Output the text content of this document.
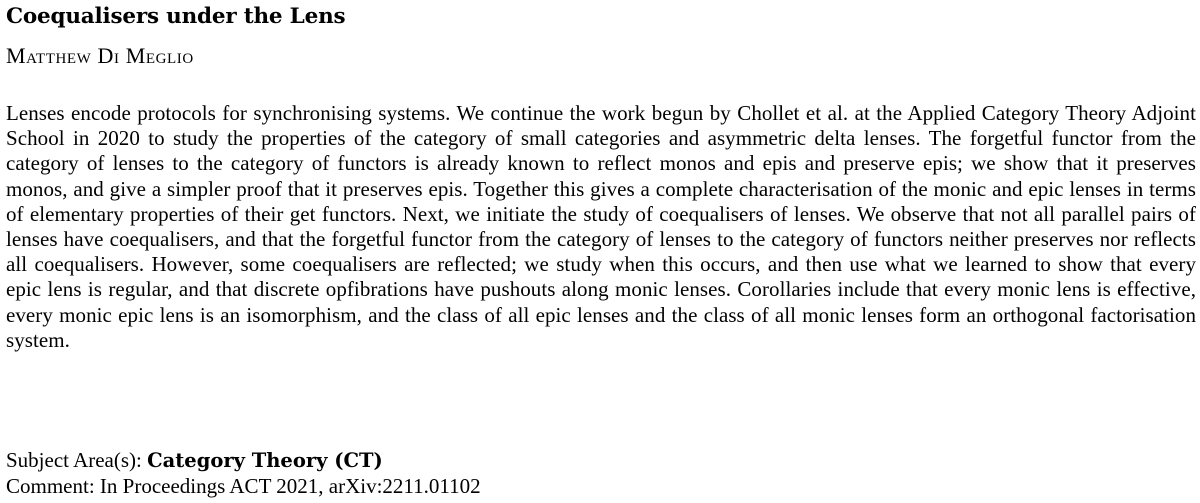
Coequalisers under the Lens
Matthew Di Meglio
Lenses encode protocols for synchronising systems. We continue the work begun by Chollet et al. at the Applied Category Theory Adjoint School in 2020 to study the properties of the category of small categories and asymmetric delta lenses. The forgetful functor from the category of lenses to the category of functors is already known to reflect monos and epis and preserve epis; we show that it preserves monos, and give a simpler proof that it preserves epis. Together this gives a complete characterisation of the monic and epic lenses in terms of elementary properties of their get functors. Next, we initiate the study of coequalisers of lenses. We observe that not all parallel pairs of lenses have coequalisers, and that the forgetful functor from the category of lenses to the category of functors neither preserves nor reflects all coequalisers. However, some coequalisers are reflected; we study when this occurs, and then use what we learned to show that every epic lens is regular, and that discrete opfibrations have pushouts along monic lenses. Corollaries include that every monic lens is effective, every monic epic lens is an isomorphism, and the class of all epic lenses and the class of all monic lenses form an orthogonal factorisation system.
Subject Area(s): Category Theory (CT)
Comment: In Proceedings ACT 2021, arXiv:2211.01102
